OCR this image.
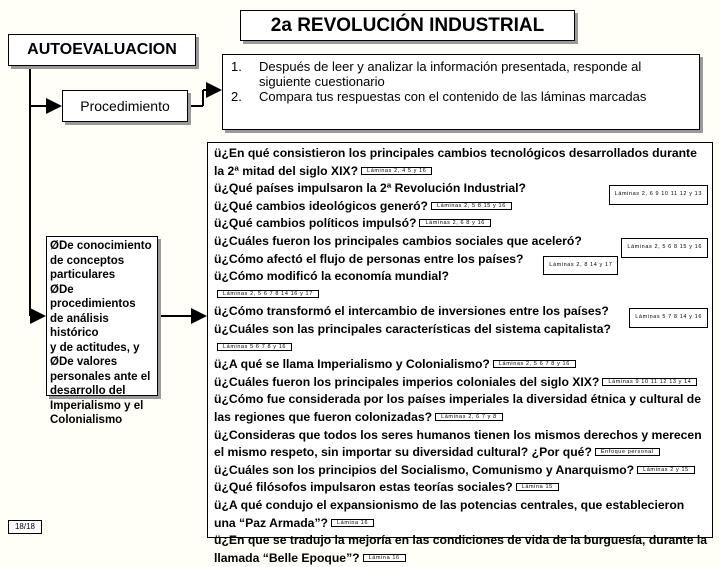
2a REVOLUCIÓN INDUSTRIAL
AUTOEVALUACION
Procedimiento
1.	Después de leer y analizar la información presentada, responde al siguiente cuestionario
2.	Compara tus respuestas con el contenido de las láminas marcadas
ØDe conocimiento
de conceptos
particulares
ØDe procedimientos
de análisis histórico
y de actitudes, y
ØDe valores
personales ante el
desarrollo del
Imperialismo y el
Colonialismo
ü¿En qué consistieron los principales cambios tecnológicos desarrollados durante la 2ª mitad del siglo XIX? Láminas 2, 4 5 y 16
ü¿Qué países impulsaron la 2ª Revolución Industrial?	Láminas 2, 6 9 10 11 12 y 13
ü¿Qué cambios ideológicos generó? Láminas 2, 5 8 15 y 16
ü¿Qué cambios políticos impulsó? Láminas 2, 6 8 y 16
ü¿Cuáles fueron los principales cambios sociales que aceleró?	Láminas 2, 5 6 8 15 y 16
ü¿Cómo afectó el flujo de personas entre los países?	Láminas 2, 8 14 y 17
ü¿Cómo modificó la economía mundial?Láminas 2, 5 6 7 8 14 16 y 17
ü¿Cómo transformó el intercambio de inversiones entre los países?	Láminas 5 7 8 14 y 16
ü¿Cuáles son las principales características del sistema capitalista?Láminas 5 6 7 8 y 16
ü¿A qué se llama Imperialismo y Colonialismo? Láminas 2, 5 6 7 8 y 16
ü¿Cuáles fueron los principales imperios coloniales del siglo XIX? Láminas 9 10 11 12 13 y 14
ü¿Cómo fue considerada por los países imperiales la diversidad étnica y cultural de las regiones que fueron colonizadas? Láminas 2, 6 7 y 8
ü¿Consideras que todos los seres humanos tienen los mismos derechos y merecen el mismo respeto, sin importar su diversidad cultural? ¿Por qué? Enfoque personal
ü¿Cuáles son los principios del Socialismo, Comunismo y Anarquismo? Láminas 2 y 15
ü¿Qué filósofos impulsaron estas teorías sociales? Lámina 15
ü¿A qué condujo el expansionismo de las potencias centrales, que establecieron una “Paz Armada”? Lámina 16
ü¿En que se tradujo la mejoría en las condiciones de vida de la burguesía, durante la llamada “Belle Epoque”? Lámina 16
18/18
